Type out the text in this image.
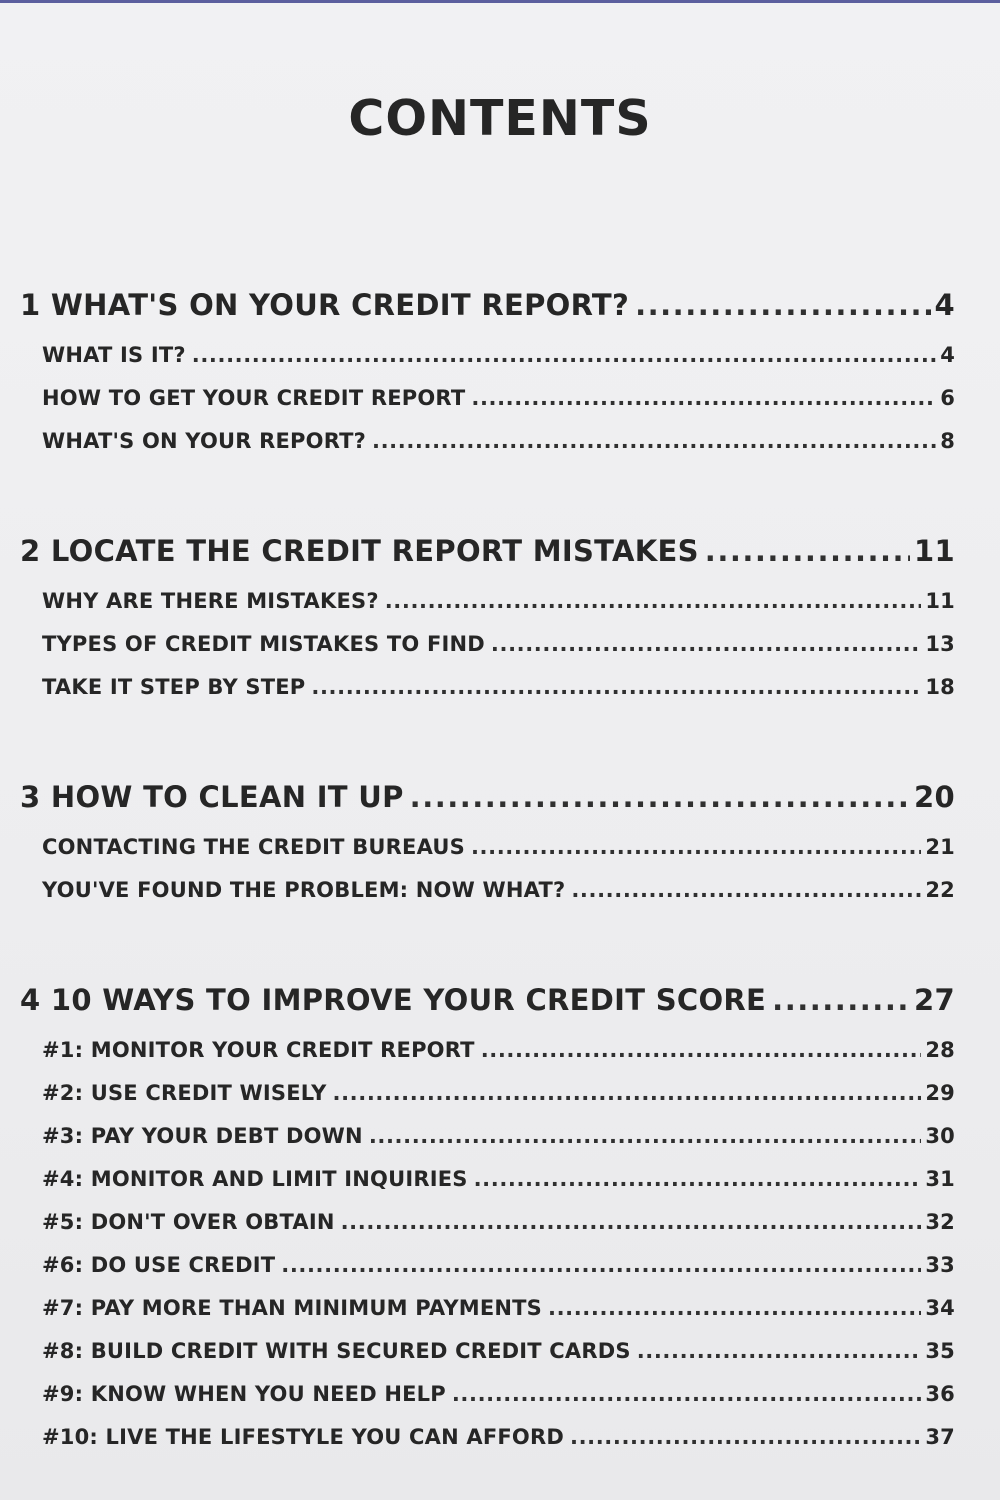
CONTENTS
1 WHAT'S ON YOUR CREDIT REPORT? .....	4
WHAT IS IT? .....	4
HOW TO GET YOUR CREDIT REPORT .....	6
WHAT'S ON YOUR REPORT? .....	8
2 LOCATE THE CREDIT REPORT MISTAKES .....	11
WHY ARE THERE MISTAKES? .....	11
TYPES OF CREDIT MISTAKES TO FIND .....	13
TAKE IT STEP BY STEP .....	18
3 HOW TO CLEAN IT UP .....	20
CONTACTING THE CREDIT BUREAUS .....	21
YOU'VE FOUND THE PROBLEM: NOW WHAT? .....	22
4 10 WAYS TO IMPROVE YOUR CREDIT SCORE .....	27
#1: MONITOR YOUR CREDIT REPORT .....	28
#2: USE CREDIT WISELY .....	29
#3: PAY YOUR DEBT DOWN .....	30
#4: MONITOR AND LIMIT INQUIRIES .....	31
#5: DON'T OVER OBTAIN .....	32
#6: DO USE CREDIT .....	33
#7: PAY MORE THAN MINIMUM PAYMENTS .....	34
#8: BUILD CREDIT WITH SECURED CREDIT CARDS .....	35
#9: KNOW WHEN YOU NEED HELP .....	36
#10: LIVE THE LIFESTYLE YOU CAN AFFORD .....	37
